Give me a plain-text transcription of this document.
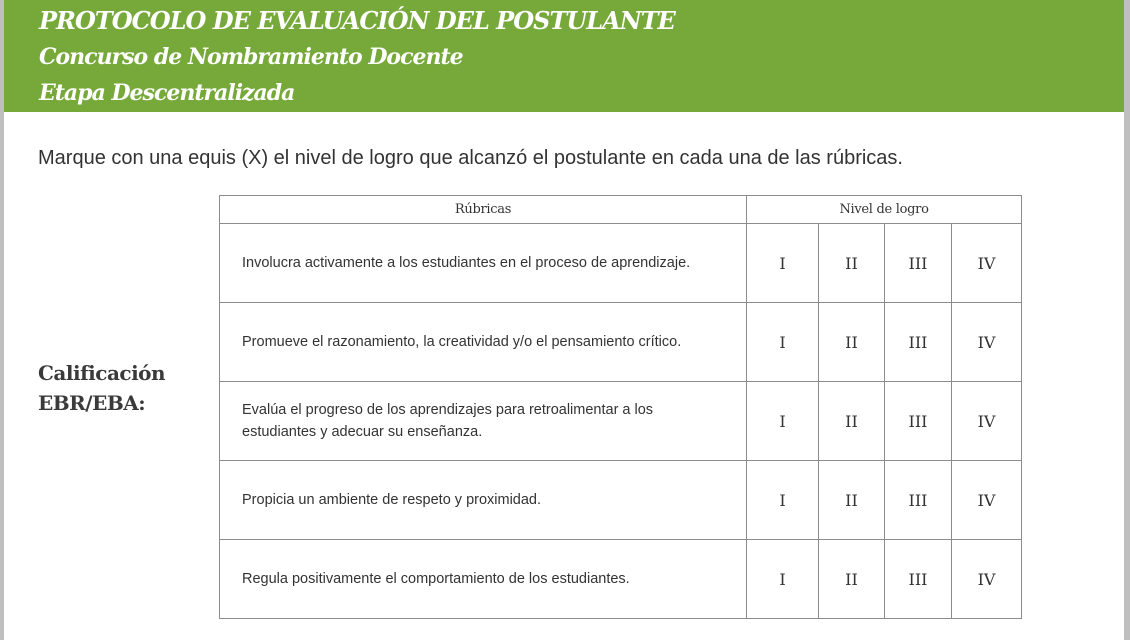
PROTOCOLO DE EVALUACIÓN DEL POSTULANTE
Concurso de Nombramiento Docente
Etapa Descentralizada
Marque con una equis (X) el nivel de logro que alcanzó el postulante en cada una de las rúbricas.
Calificación
EBR/EBA:
Rúbricas	Nivel de logro			
Involucra activamente a los estudiantes en el proceso de aprendizaje.	I	II	III	IV
Promueve el razonamiento, la creatividad y/o el pensamiento crítico.	I	II	III	IV
Evalúa el progreso de los aprendizajes para retroalimentar a los estudiantes y adecuar su enseñanza.	I	II	III	IV
Propicia un ambiente de respeto y proximidad.	I	II	III	IV
Regula positivamente el comportamiento de los estudiantes.	I	II	III	IV
